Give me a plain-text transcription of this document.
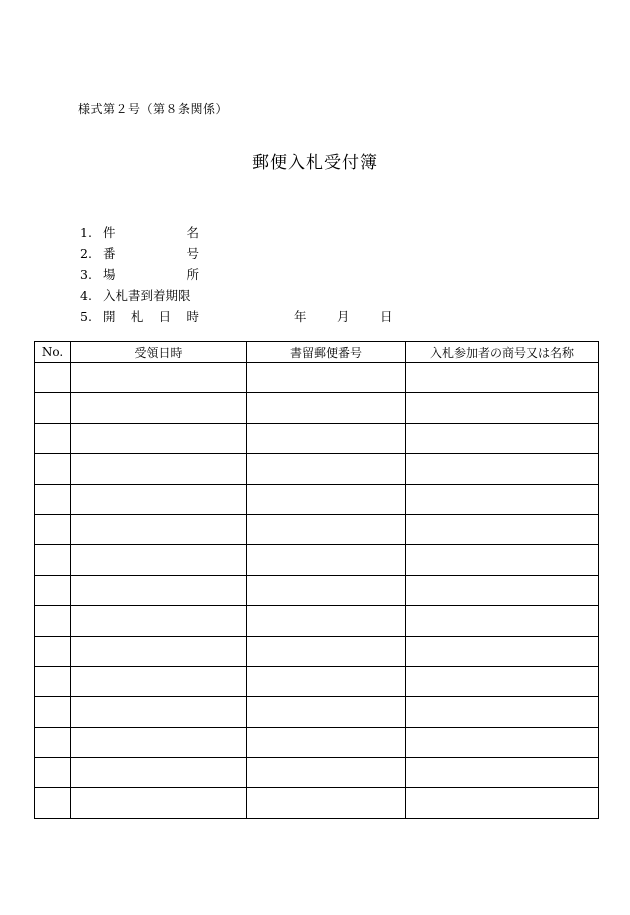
様式第２号（第８条関係）
郵便入札受付簿
1. 件	名
2. 番	号
3. 場	所
4. 入札書到着期限
5. 開 札 日 時	年 月 日
No.	受領日時	書留郵便番号	入札参加者の商号又は名称
